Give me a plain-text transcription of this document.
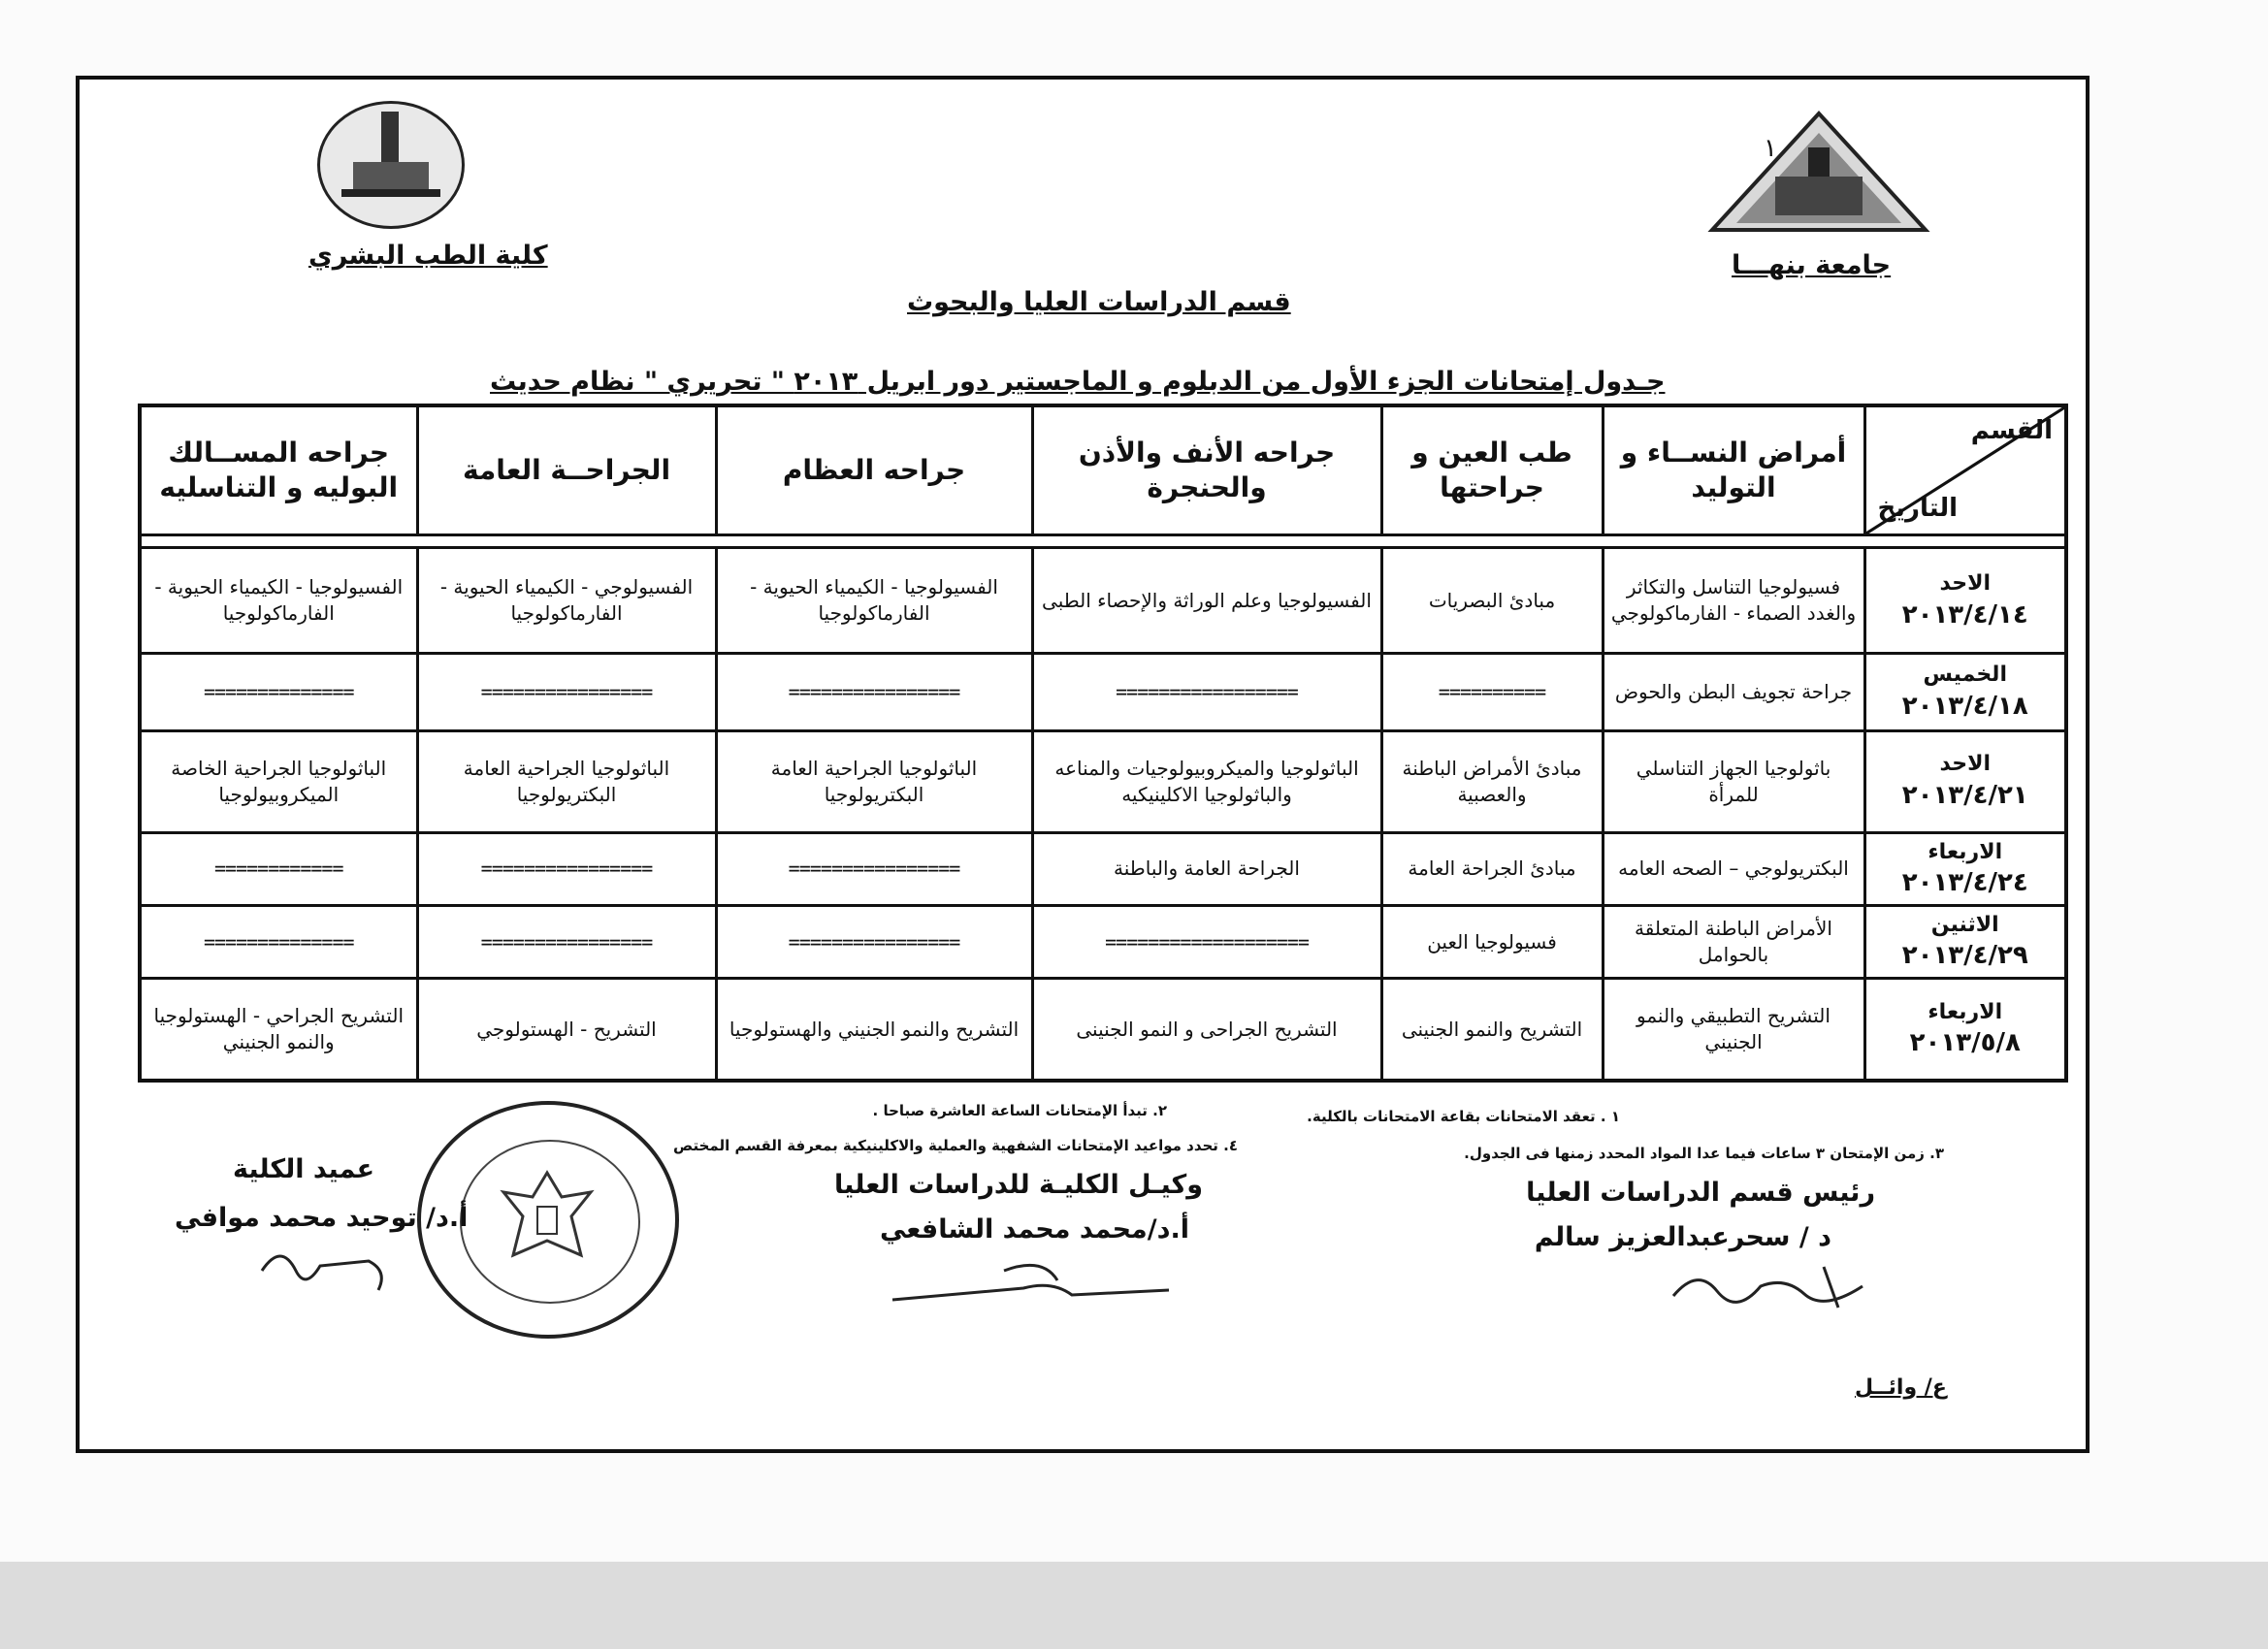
كلية الطب البشري	جامعة بنهـــا
١
قسم الدراسات العليا والبحوث
جـدول إمتحانات الجزء الأول من الدبلوم و الماجستير دور ابريل ٢٠١٣ " تحريري " نظام حديث
القسم
التاريخ	أمراض النســاء و التوليد	طب العين و جراحتها	جراحه الأنف والأذن والحنجرة	جراحه العظام	الجراحــة العامة	جراحه المســالك البوليه و التناسليه

الاحد
٢٠١٣/٤/١٤	فسيولوجيا التناسل والتكاثر والغدد الصماء - الفارماكولوجي	مبادئ البصريات	الفسيولوجيا وعلم الوراثة والإحصاء الطبى	الفسيولوجيا - الكيمياء الحيوية - الفارماكولوجيا	الفسيولوجي - الكيمياء الحيوية - الفارماكولوجيا	الفسيولوجيا - الكيمياء الحيوية - الفارماكولوجيا

الخميس
٢٠١٣/٤/١٨	جراحة تجويف البطن والحوض	==========	=================	================	================	==============

الاحد
٢٠١٣/٤/٢١	باثولوجيا الجهاز التناسلي للمرأة	مبادئ الأمراض الباطنة والعصبية	الباثولوجيا والميكروبيولوجيات والمناعه والباثولوجيا الاكلينيكيه	الباثولوجيا الجراحية العامة البكتريولوجيا	الباثولوجيا الجراحية العامة البكتريولوجيا	الباثولوجيا الجراحية الخاصة الميكروبيولوجيا

الاربعاء
٢٠١٣/٤/٢٤	البكتريولوجي – الصحه العامه	مبادئ الجراحة العامة	الجراحة العامة والباطنة	================	================	============

الاثنين
٢٠١٣/٤/٢٩	الأمراض الباطنة المتعلقة بالحوامل	فسيولوجيا العين	===================	================	================	==============

الاربعاء
٢٠١٣/٥/٨	التشريح التطبيقي والنمو الجنيني	التشريح والنمو الجنينى	التشريح الجراحى و النمو الجنينى	التشريح والنمو الجنيني والهستولوجيا	التشريح - الهستولوجي	التشريح الجراحي - الهستولوجيا والنمو الجنيني
١ . تعقد الامتحانات بقاعة الامتحانات بالكلية.
٢. تبدأ الإمتحانات الساعة العاشرة صباحا .
٣. زمن الإمتحان ٣ ساعات فيما عدا المواد المحدد زمنها فى الجدول.
٤. تحدد مواعيد الإمتحانات الشفهية والعملية والاكلينيكية بمعرفة القسم المختص
رئيس قسم الدراسات العليا
د / سحرعبدالعزيز سالم
وكيـل الكليـة للدراسات العليا
أ.د/محمد محمد الشافعي
عميد الكلية
أ.د/ توحيد محمد موافي
ع/ وائــل
